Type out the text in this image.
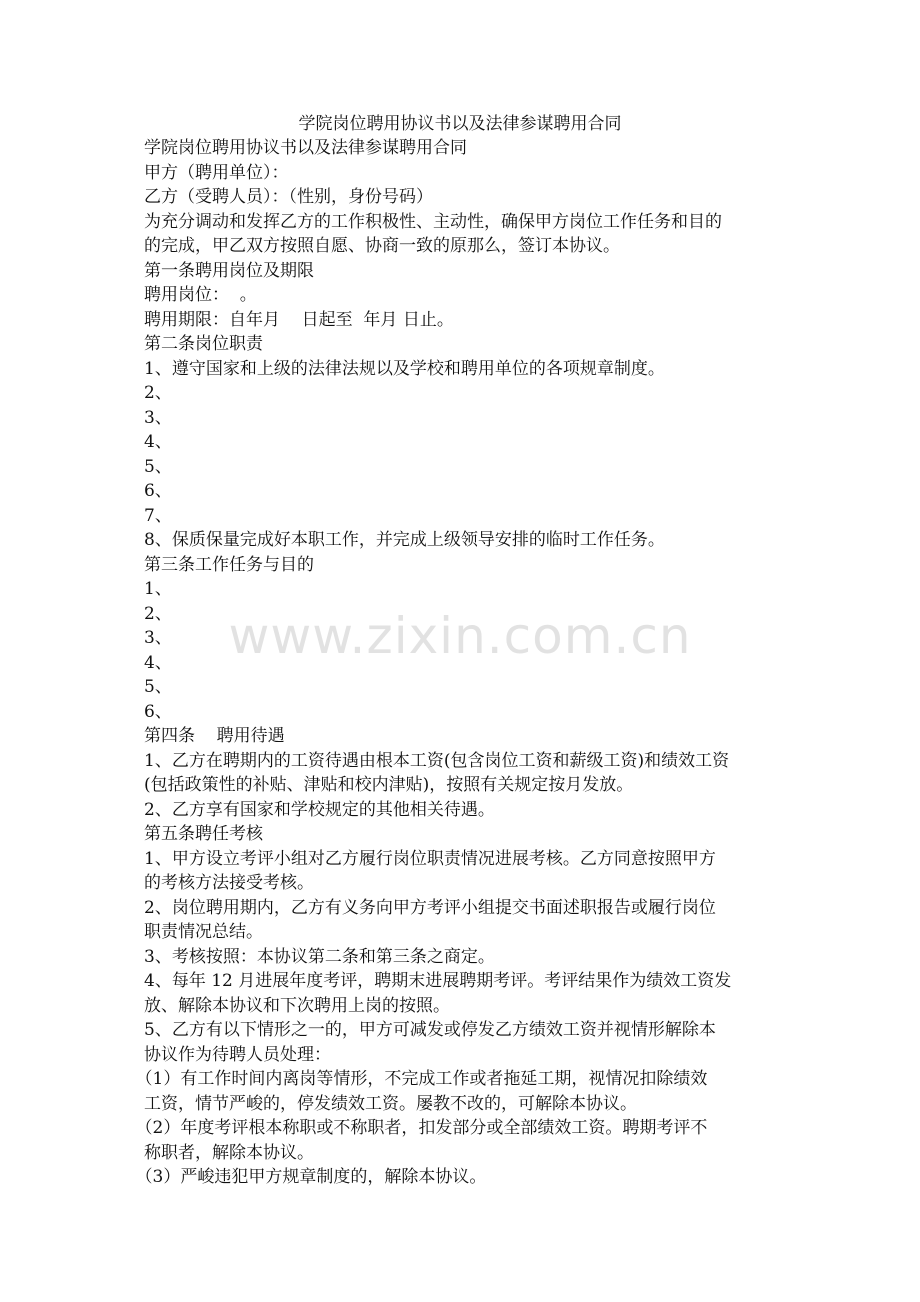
学院岗位聘用协议书以及法律参谋聘用合同

学院岗位聘用协议书以及法律参谋聘用合同

甲方（聘用单位）：

乙方（受聘人员）：（性别，身份号码）

为充分调动和发挥乙方的工作积极性、主动性，确保甲方岗位工作任务和目的

的完成，甲乙双方按照自愿、协商一致的原那么，签订本协议。

第一条聘用岗位及期限

聘用岗位：  。

聘用期限：自年月    日起至  年月 日止。

第二条岗位职责

1、遵守国家和上级的法律法规以及学校和聘用单位的各项规章制度。

2、

3、

4、

5、

6、

7、

8、保质保量完成好本职工作，并完成上级领导安排的临时工作任务。

第三条工作任务与目的

1、

2、

3、

4、

5、

6、

第四条    聘用待遇

1、乙方在聘期内的工资待遇由根本工资(包含岗位工资和薪级工资)和绩效工资

(包括政策性的补贴、津贴和校内津贴)，按照有关规定按月发放。

2、乙方享有国家和学校规定的其他相关待遇。

第五条聘任考核

1、甲方设立考评小组对乙方履行岗位职责情况进展考核。乙方同意按照甲方

的考核方法接受考核。

2、岗位聘用期内，乙方有义务向甲方考评小组提交书面述职报告或履行岗位

职责情况总结。

3、考核按照：本协议第二条和第三条之商定。

4、每年 12 月进展年度考评，聘期末进展聘期考评。考评结果作为绩效工资发

放、解除本协议和下次聘用上岗的按照。

5、乙方有以下情形之一的，甲方可减发或停发乙方绩效工资并视情形解除本

协议作为待聘人员处理：

（1）有工作时间内离岗等情形，不完成工作或者拖延工期，视情况扣除绩效

工资，情节严峻的，停发绩效工资。屡教不改的，可解除本协议。

（2）年度考评根本称职或不称职者，扣发部分或全部绩效工资。聘期考评不

称职者，解除本协议。

（3）严峻违犯甲方规章制度的，解除本协议。

www.zixin.com.cn
